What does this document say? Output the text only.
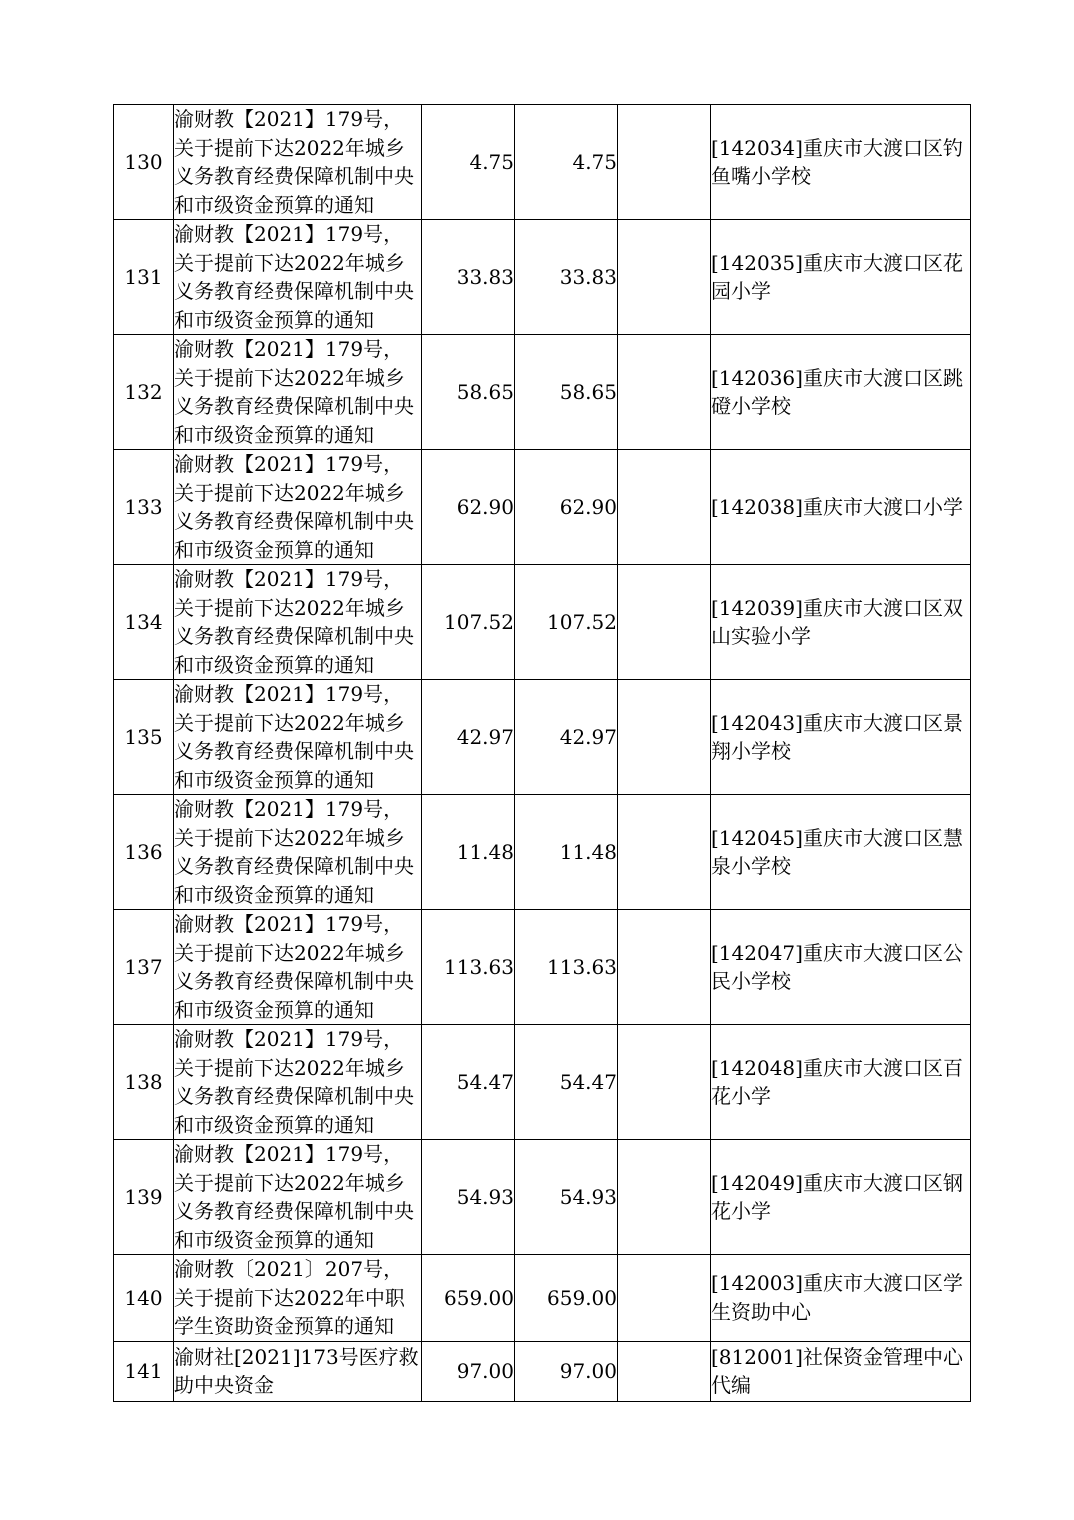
130	渝财教【2021】179号，关于提前下达2022年城乡义务教育经费保障机制中央和市级资金预算的通知	4.75	4.75		[142034]重庆市大渡口区钓鱼嘴小学校
131	渝财教【2021】179号，关于提前下达2022年城乡义务教育经费保障机制中央和市级资金预算的通知	33.83	33.83		[142035]重庆市大渡口区花园小学
132	渝财教【2021】179号，关于提前下达2022年城乡义务教育经费保障机制中央和市级资金预算的通知	58.65	58.65		[142036]重庆市大渡口区跳磴小学校
133	渝财教【2021】179号，关于提前下达2022年城乡义务教育经费保障机制中央和市级资金预算的通知	62.90	62.90		[142038]重庆市大渡口小学
134	渝财教【2021】179号，关于提前下达2022年城乡义务教育经费保障机制中央和市级资金预算的通知	107.52	107.52		[142039]重庆市大渡口区双山实验小学
135	渝财教【2021】179号，关于提前下达2022年城乡义务教育经费保障机制中央和市级资金预算的通知	42.97	42.97		[142043]重庆市大渡口区景翔小学校
136	渝财教【2021】179号，关于提前下达2022年城乡义务教育经费保障机制中央和市级资金预算的通知	11.48	11.48		[142045]重庆市大渡口区慧泉小学校
137	渝财教【2021】179号，关于提前下达2022年城乡义务教育经费保障机制中央和市级资金预算的通知	113.63	113.63		[142047]重庆市大渡口区公民小学校
138	渝财教【2021】179号，关于提前下达2022年城乡义务教育经费保障机制中央和市级资金预算的通知	54.47	54.47		[142048]重庆市大渡口区百花小学
139	渝财教【2021】179号，关于提前下达2022年城乡义务教育经费保障机制中央和市级资金预算的通知	54.93	54.93		[142049]重庆市大渡口区钢花小学
140	渝财教〔2021〕207号，关于提前下达2022年中职学生资助资金预算的通知	659.00	659.00		[142003]重庆市大渡口区学生资助中心
141	渝财社[2021]173号医疗救助中央资金	97.00	97.00		[812001]社保资金管理中心代编
